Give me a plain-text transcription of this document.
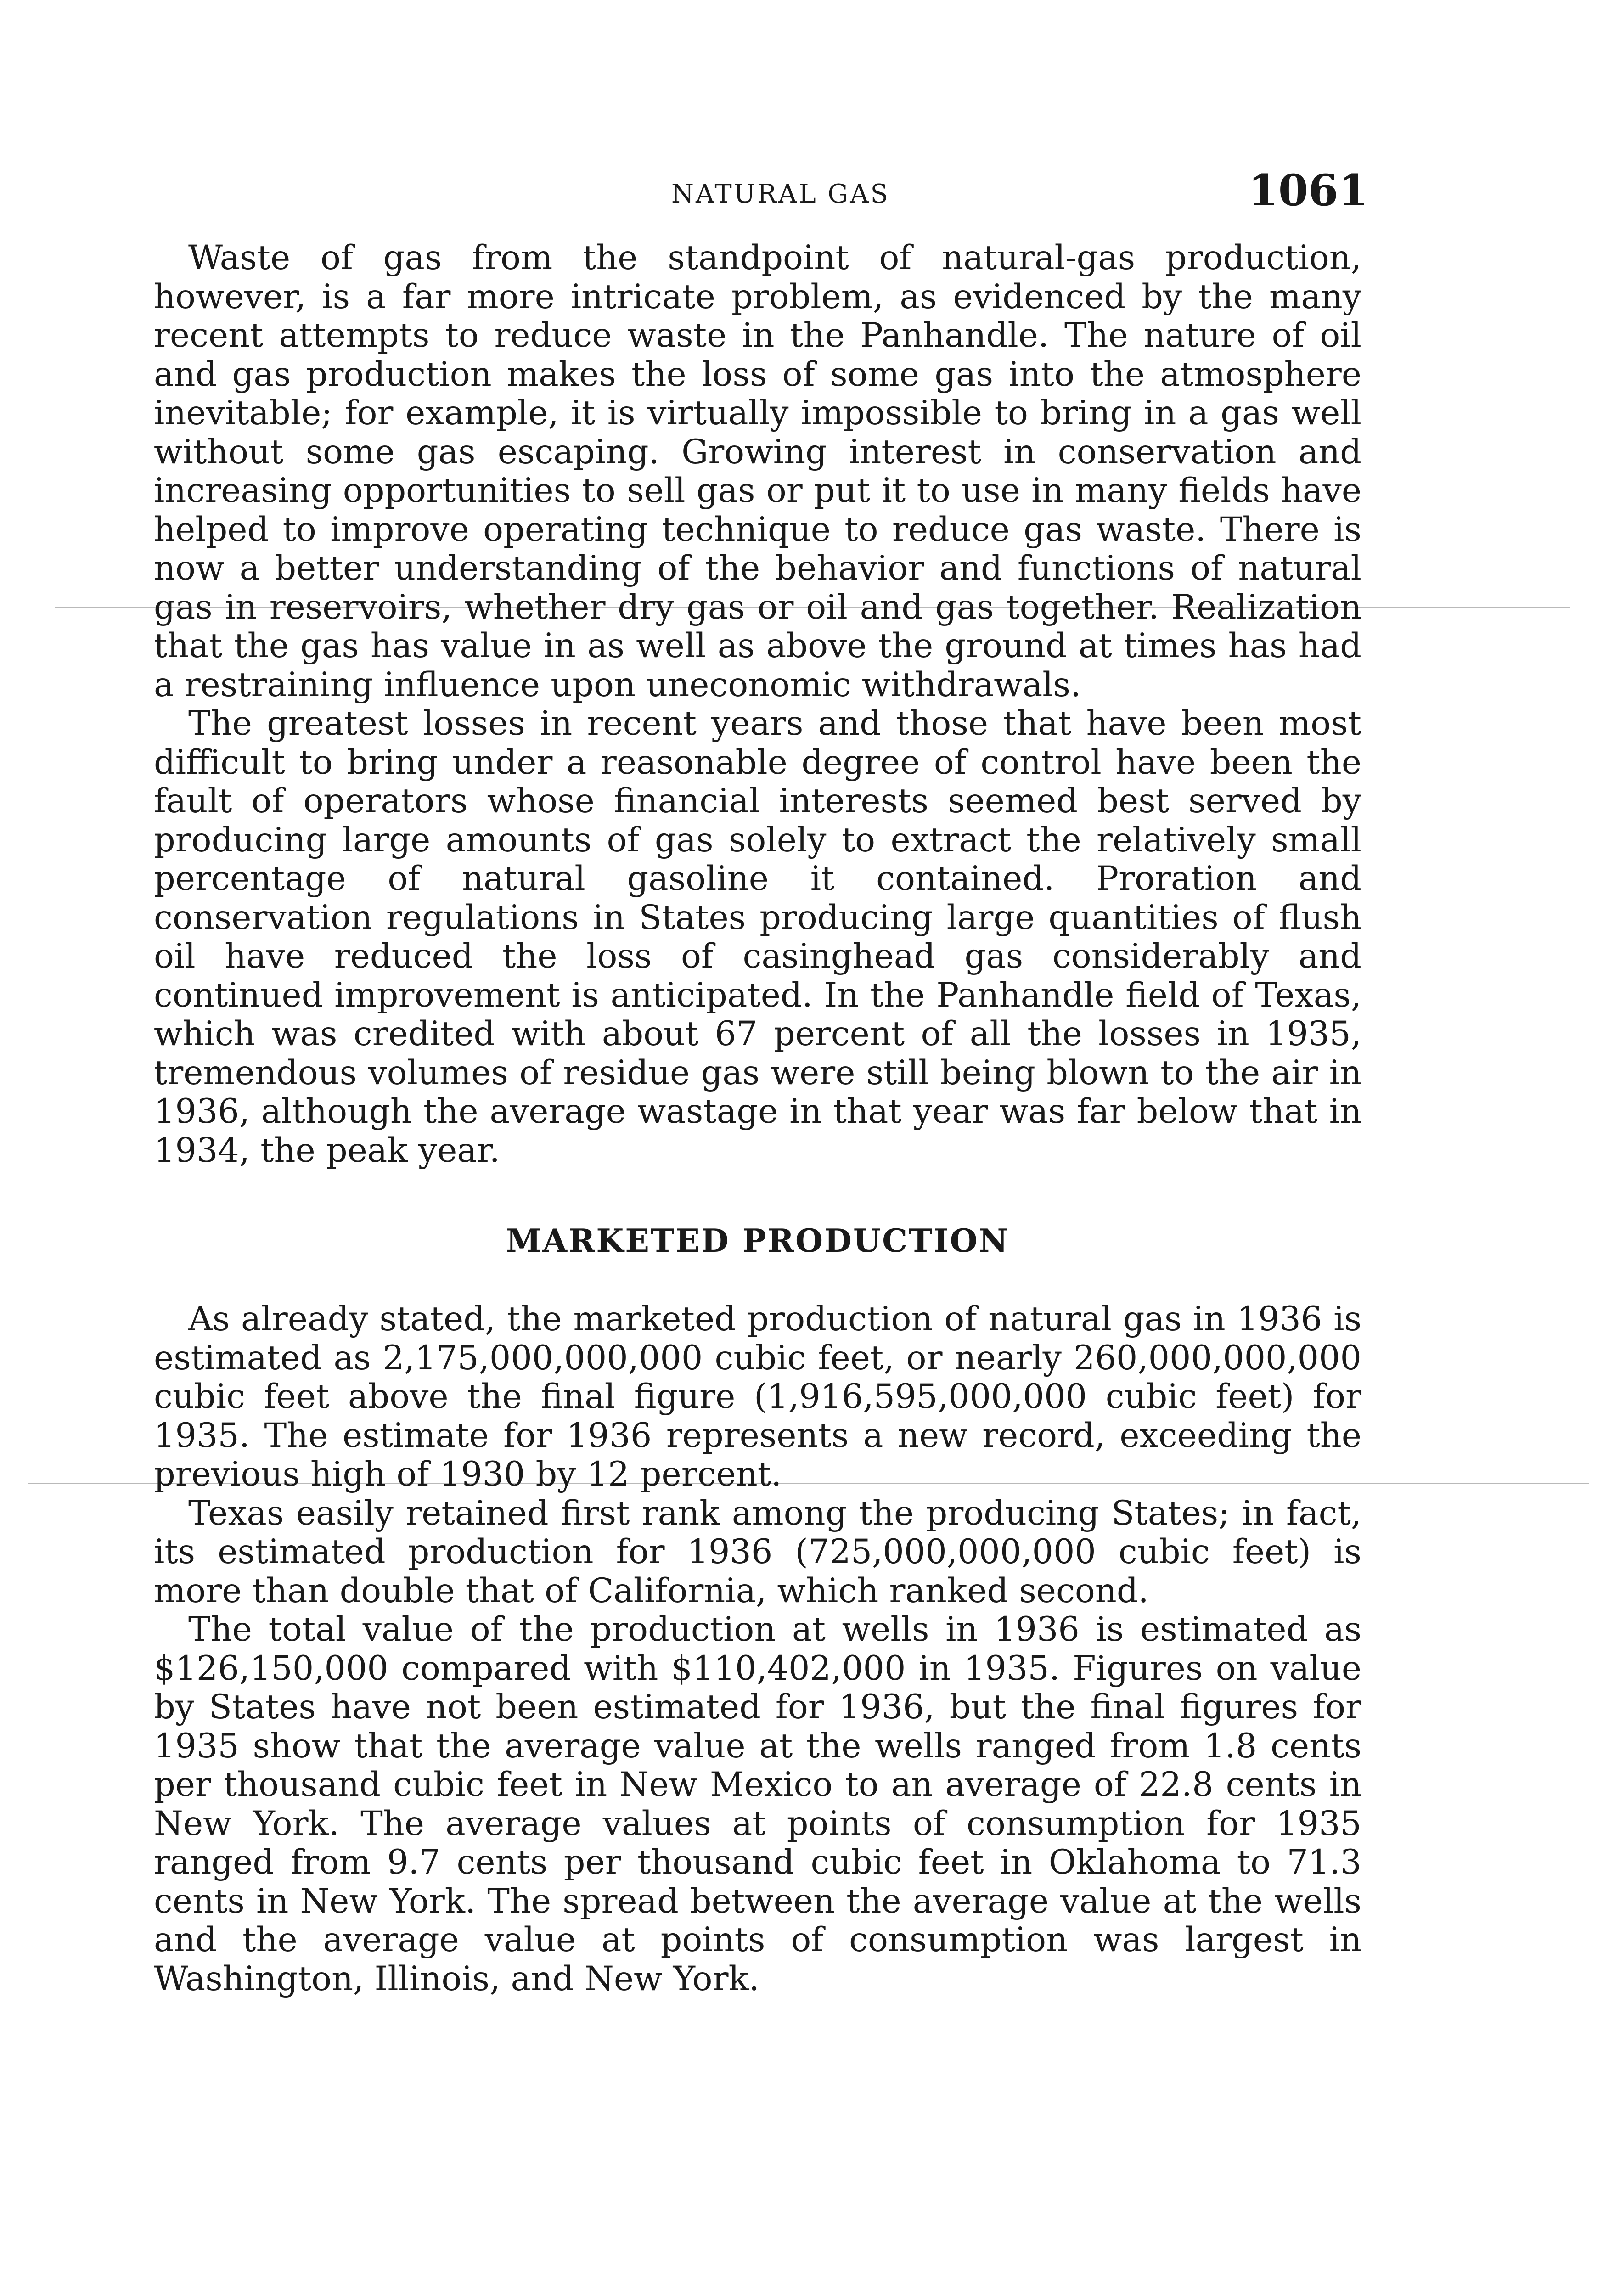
NATURAL GAS	1061

Waste of gas from the standpoint of natural-gas production, however, is a far more intricate problem, as evidenced by the many recent attempts to reduce waste in the Panhandle. The nature of oil and gas production makes the loss of some gas into the atmosphere inevitable; for example, it is virtually impossible to bring in a gas well without some gas escaping. Growing interest in conservation and increasing opportunities to sell gas or put it to use in many fields have helped to improve operating technique to reduce gas waste. There is now a better understanding of the behavior and functions of natural gas in reservoirs, whether dry gas or oil and gas together. Realization that the gas has value in as well as above the ground at times has had a restraining influence upon uneconomic withdrawals.

The greatest losses in recent years and those that have been most difficult to bring under a reasonable degree of control have been the fault of operators whose financial interests seemed best served by producing large amounts of gas solely to extract the relatively small percentage of natural gasoline it contained. Proration and conservation regulations in States producing large quantities of flush oil have reduced the loss of casinghead gas considerably and continued improvement is anticipated. In the Panhandle field of Texas, which was credited with about 67 percent of all the losses in 1935, tremendous volumes of residue gas were still being blown to the air in 1936, although the average wastage in that year was far below that in 1934, the peak year.

MARKETED PRODUCTION

As already stated, the marketed production of natural gas in 1936 is estimated as 2,175,000,000,000 cubic feet, or nearly 260,000,000,000 cubic feet above the final figure (1,916,595,000,000 cubic feet) for 1935. The estimate for 1936 represents a new record, exceeding the previous high of 1930 by 12 percent.

Texas easily retained first rank among the producing States; in fact, its estimated production for 1936 (725,000,000,000 cubic feet) is more than double that of California, which ranked second.

The total value of the production at wells in 1936 is estimated as $126,150,000 compared with $110,402,000 in 1935. Figures on value by States have not been estimated for 1936, but the final figures for 1935 show that the average value at the wells ranged from 1.8 cents per thousand cubic feet in New Mexico to an average of 22.8 cents in New York. The average values at points of consumption for 1935 ranged from 9.7 cents per thousand cubic feet in Oklahoma to 71.3 cents in New York. The spread between the average value at the wells and the average value at points of consumption was largest in Washington, Illinois, and New York.
